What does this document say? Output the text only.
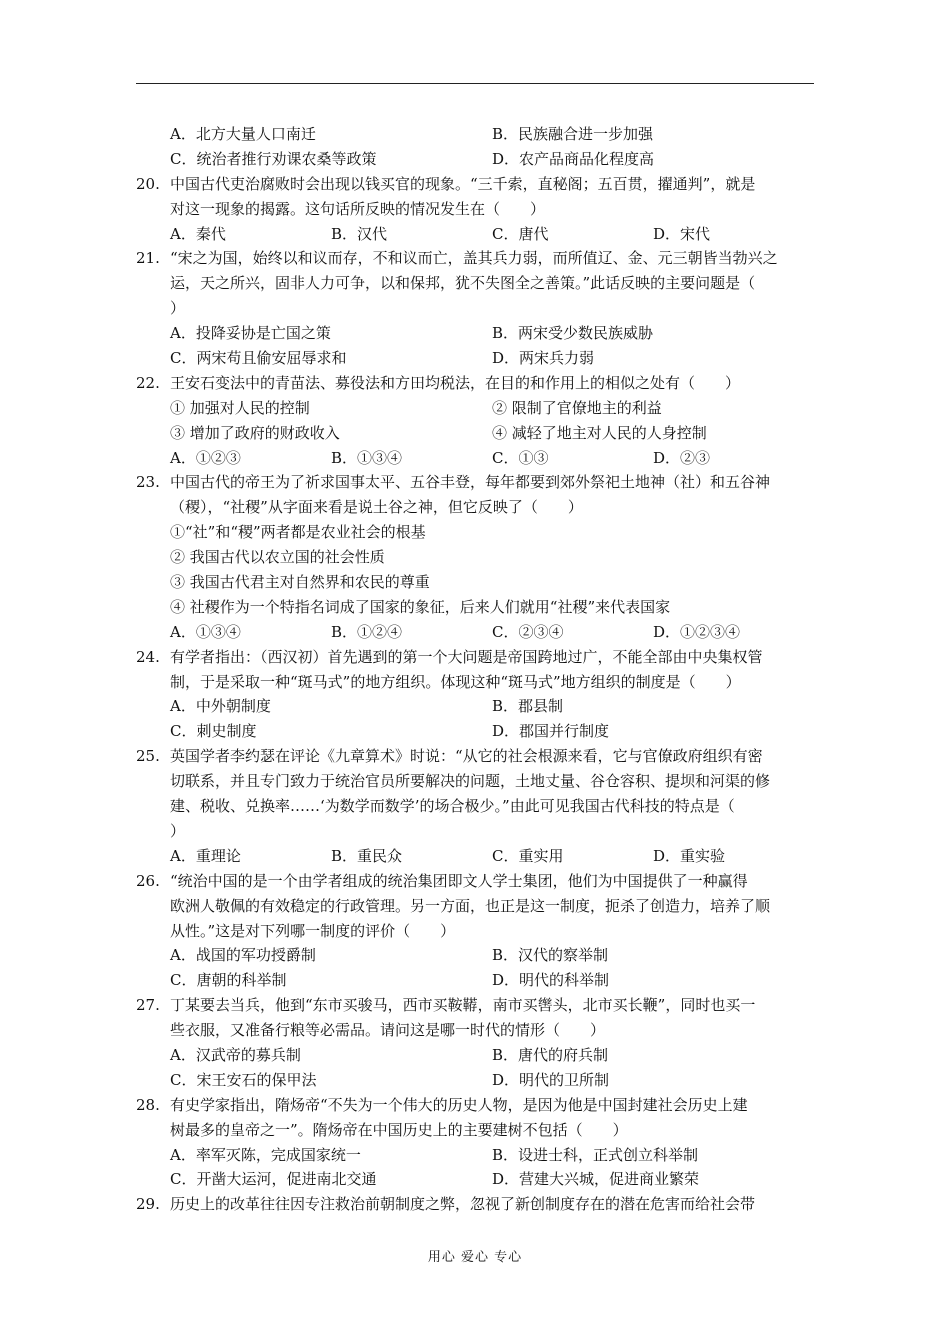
A．北方大量人口南迁	B．民族融合进一步加强
C．统治者推行劝课农桑等政策	D．农产品商品化程度高
20. 中国古代吏治腐败时会出现以钱买官的现象。“三千索，直秘阁；五百贯，擢通判”，就是
对这一现象的揭露。这句话所反映的情况发生在（　　）
A．秦代	B．汉代	C．唐代	D．宋代
21. “宋之为国，始终以和议而存，不和议而亡，盖其兵力弱，而所值辽、金、元三朝皆当勃兴之
运，天之所兴，固非人力可争，以和保邦，犹不失图全之善策。”此话反映的主要问题是（
）
A．投降妥协是亡国之策	B．两宋受少数民族威胁
C．两宋苟且偷安屈辱求和	D．两宋兵力弱
22. 王安石变法中的青苗法、募役法和方田均税法，在目的和作用上的相似之处有（　　）
① 加强对人民的控制	② 限制了官僚地主的利益
③ 增加了政府的财政收入	④ 减轻了地主对人民的人身控制
A．①②③	B．①③④	C．①③	D．②③
23. 中国古代的帝王为了祈求国事太平、五谷丰登，每年都要到郊外祭祀土地神（社）和五谷神
（稷），“社稷”从字面来看是说土谷之神，但它反映了（　　）
①“社”和“稷”两者都是农业社会的根基
② 我国古代以农立国的社会性质
③ 我国古代君主对自然界和农民的尊重
④ 社稷作为一个特指名词成了国家的象征，后来人们就用“社稷”来代表国家
A．①③④	B．①②④	C．②③④	D．①②③④
24. 有学者指出：（西汉初）首先遇到的第一个大问题是帝国跨地过广，不能全部由中央集权管
制，于是采取一种“斑马式”的地方组织。体现这种“斑马式”地方组织的制度是（　　）
A．中外朝制度	B．郡县制
C．刺史制度	D．郡国并行制度
25. 英国学者李约瑟在评论《九章算术》时说：“从它的社会根源来看，它与官僚政府组织有密
切联系，并且专门致力于统治官员所要解决的问题，土地丈量、谷仓容积、提坝和河渠的修
建、税收、兑换率……‘为数学而数学’的场合极少。”由此可见我国古代科技的特点是（
）
A．重理论	B．重民众	C．重实用	D．重实验
26. “统治中国的是一个由学者组成的统治集团即文人学士集团，他们为中国提供了一种赢得
欧洲人敬佩的有效稳定的行政管理。另一方面，也正是这一制度，扼杀了创造力，培养了顺
从性。”这是对下列哪一制度的评价（　　）
A．战国的军功授爵制	B．汉代的察举制
C．唐朝的科举制	D．明代的科举制
27. 丁某要去当兵，他到“东市买骏马，西市买鞍鞯，南市买辔头，北市买长鞭”，同时也买一
些衣服，又准备行粮等必需品。请问这是哪一时代的情形（　　）
A．汉武帝的募兵制	B．唐代的府兵制
C．宋王安石的保甲法	D．明代的卫所制
28. 有史学家指出，隋炀帝“不失为一个伟大的历史人物，是因为他是中国封建社会历史上建
树最多的皇帝之一”。隋炀帝在中国历史上的主要建树不包括（　　）
A．率军灭陈，完成国家统一	B．设进士科，正式创立科举制
C．开凿大运河，促进南北交通	D．营建大兴城，促进商业繁荣
29. 历史上的改革往往因专注救治前朝制度之弊，忽视了新创制度存在的潜在危害而给社会带
用心 爱心 专心
